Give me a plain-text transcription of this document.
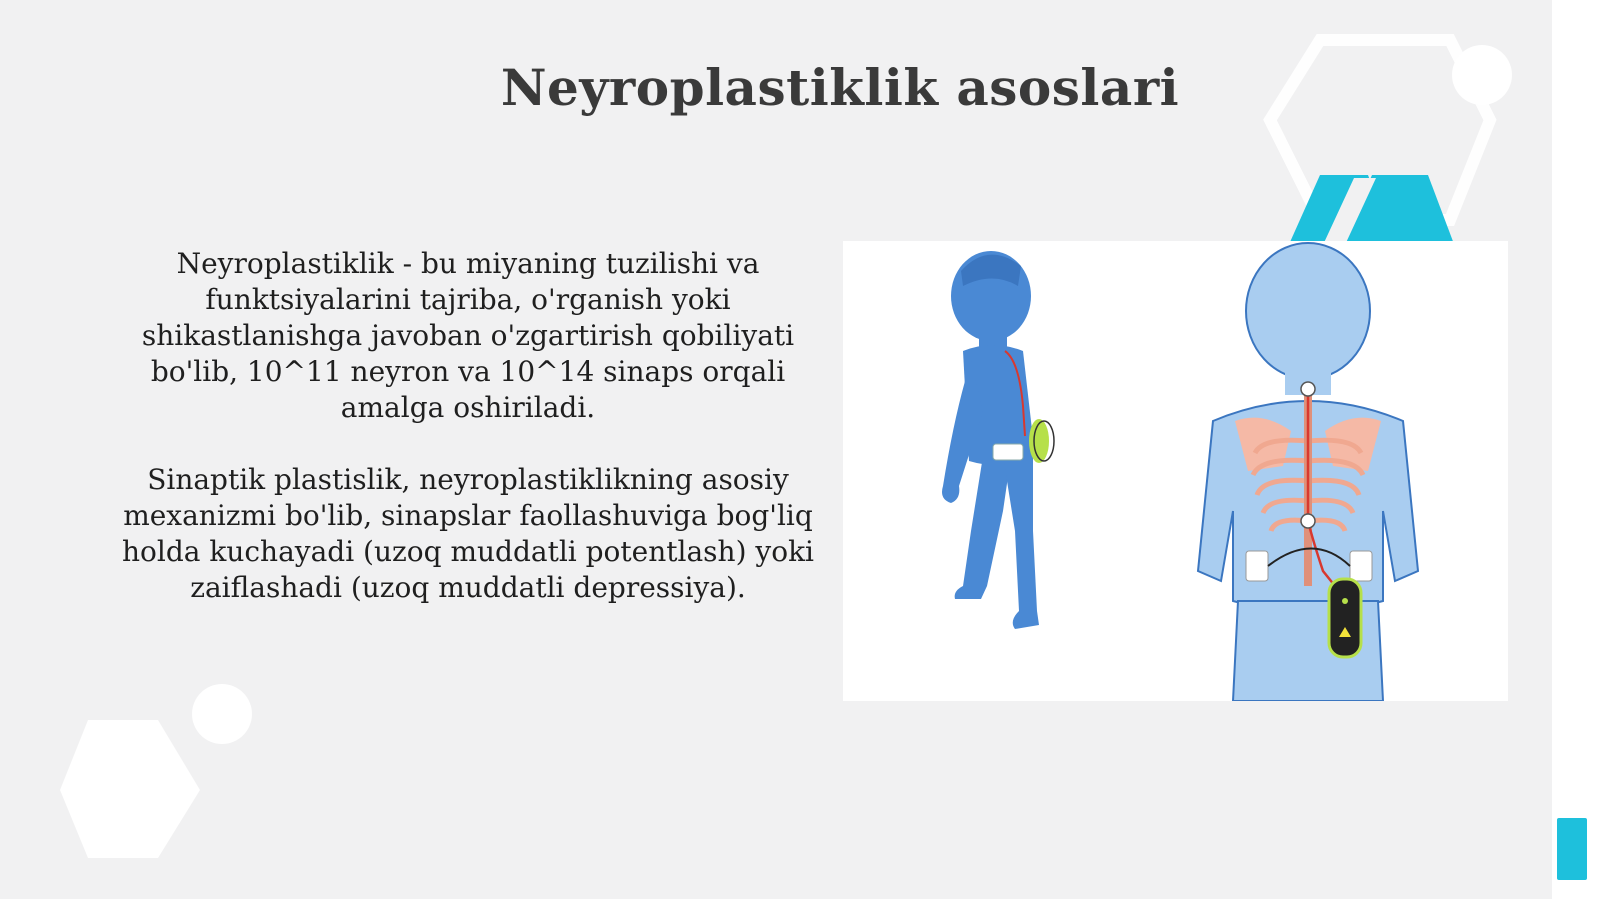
Neyroplastiklik asoslari

Neyroplastiklik - bu miyaning tuzilishi va funktsiyalarini tajriba, o'rganish yoki shikastlanishga javoban o'zgartirish qobiliyati bo'lib, 10^11 neyron va 10^14 sinaps orqali amalga oshiriladi.

Sinaptik plastislik, neyroplastiklikning asosiy mexanizmi bo'lib, sinapslar faollashuviga bog'liq holda kuchayadi (uzoq muddatli potentlash) yoki zaiflashadi (uzoq muddatli depressiya).
